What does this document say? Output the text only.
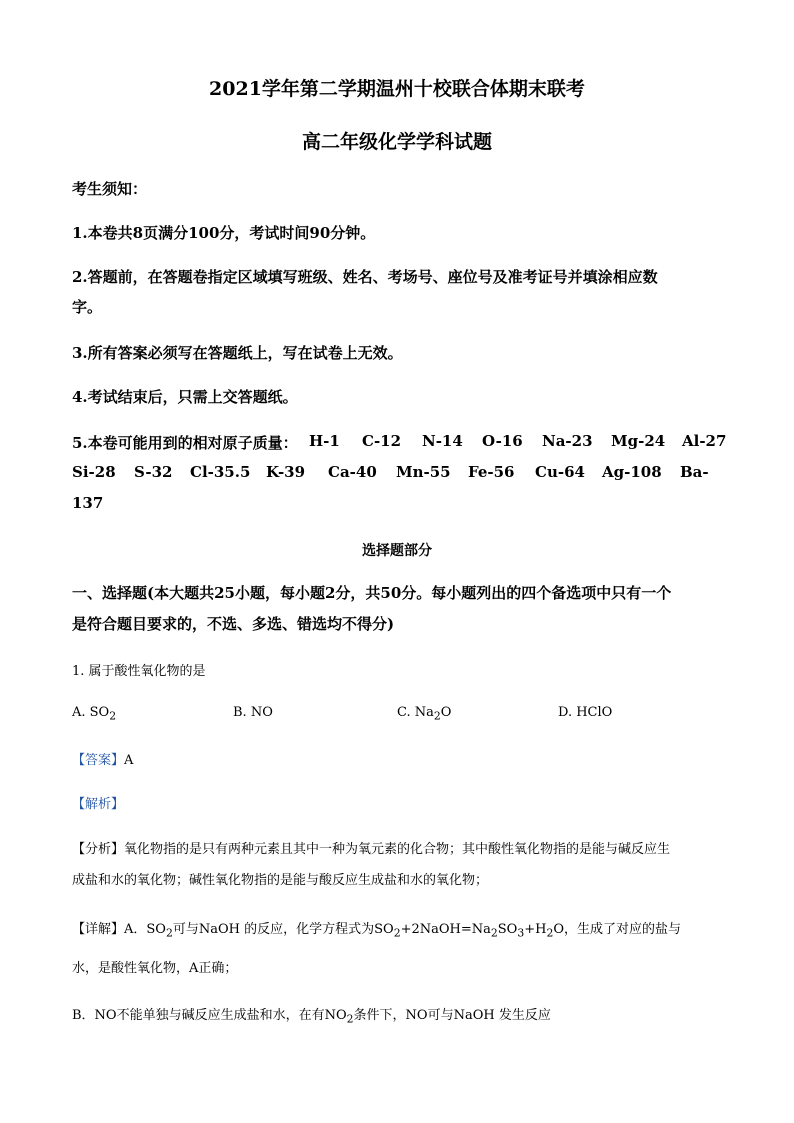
2021学年第二学期温州十校联合体期末联考
高二年级化学学科试题
考生须知：
1.本卷共8页满分100分，考试时间90分钟。
2.答题前，在答题卷指定区域填写班级、姓名、考场号、座位号及准考证号并填涂相应数
字。
3.所有答案必须写在答题纸上，写在试卷上无效。
4.考试结束后，只需上交答题纸。
5.本卷可能用到的相对原子质量： H-1 C-12 N-14 O-16 Na-23 Mg-24 Al-27
Si-28 S-32 Cl-35.5 K-39 Ca-40 Mn-55 Fe-56 Cu-64 Ag-108 Ba-
137
选择题部分
一、选择题(本大题共25小题，每小题2分，共50分。每小题列出的四个备选项中只有一个
是符合题目要求的，不选、多选、错选均不得分)
1. 属于酸性氧化物的是
A. $SO_2$	B. NO	C. $Na_2O$	D. HClO
【答案】A
【解析】
【分析】氧化物指的是只有两种元素且其中一种为氧元素的化合物；其中酸性氧化物指的是能与碱反应生
成盐和水的氧化物；碱性氧化物指的是能与酸反应生成盐和水的氧化物；
【详解】A．$SO_2$可与NaOH 的反应，化学方程式为$SO_2+2NaOH=Na_2SO_3+H_2O$，生成了对应的盐与
水，是酸性氧化物，A正确；
B．NO不能单独与碱反应生成盐和水，在有$NO_2$条件下，NO可与NaOH 发生反应
